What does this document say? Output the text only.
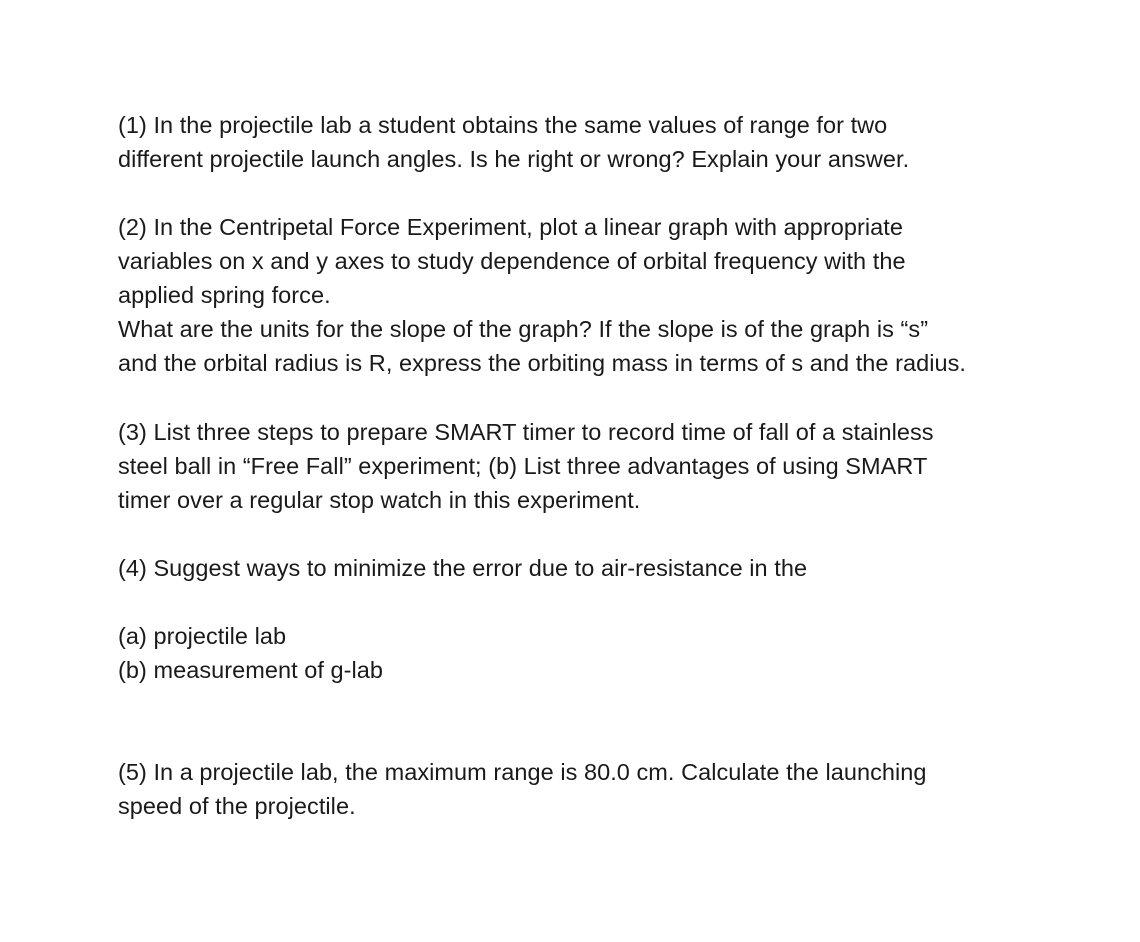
(1) In the projectile lab a student obtains the same values of range for two
different projectile launch angles. Is he right or wrong? Explain your answer.
(2) In the Centripetal Force Experiment, plot a linear graph with appropriate
variables on x and y axes to study dependence of orbital frequency with the
applied spring force.
What are the units for the slope of the graph? If the slope is of the graph is “s”
and the orbital radius is R, express the orbiting mass in terms of s and the radius.
(3) List three steps to prepare SMART timer to record time of fall of a stainless
steel ball in “Free Fall” experiment; (b) List three advantages of using SMART
timer over a regular stop watch in this experiment.
(4) Suggest ways to minimize the error due to air-resistance in the
(a) projectile lab
(b) measurement of g-lab
(5) In a projectile lab, the maximum range is 80.0 cm. Calculate the launching
speed of the projectile.
